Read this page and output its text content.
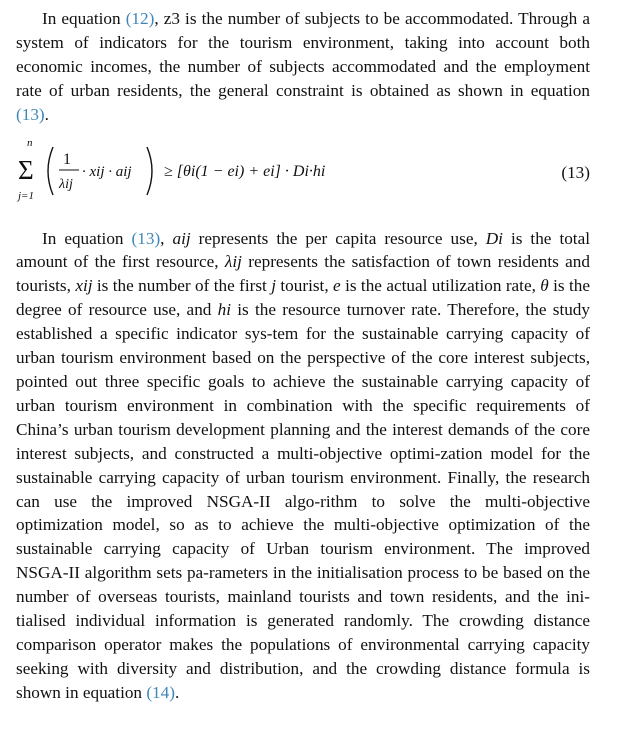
In equation (12), z3 is the number of subjects to be accommodated. Through a system of indicators for the tourism environment, taking into account both economic incomes, the number of subjects accommodated and the employment rate of urban residents, the general constraint is obtained as shown in equation (13).

n
Σ
j=1
1
λij
· xij · aij ≥ [θi(1 − ei) + ei] · Di·hi	(13)

In equation (13), aij represents the per capita resource use, Di is the total amount of the first resource, λij represents the satisfaction of town residents and tourists, xij is the number of the first j tourist, e is the actual utilization rate, θ is the degree of resource use, and hi is the resource turnover rate. Therefore, the study established a specific indicator sys-tem for the sustainable carrying capacity of urban tourism environment based on the perspective of the core interest subjects, pointed out three specific goals to achieve the sustainable carrying capacity of urban tourism environment in combination with the specific requirements of China’s urban tourism development planning and the interest demands of the core interest subjects, and constructed a multi-objective optimi-zation model for the sustainable carrying capacity of urban tourism environment. Finally, the research can use the improved NSGA-II algo-rithm to solve the multi-objective optimization model, so as to achieve the multi-objective optimization of the sustainable carrying capacity of Urban tourism environment. The improved NSGA-II algorithm sets pa-rameters in the initialisation process to be based on the number of overseas tourists, mainland tourists and town residents, and the ini-tialised individual information is generated randomly. The crowding distance comparison operator makes the populations of environmental carrying capacity seeking with diversity and distribution, and the crowding distance formula is shown in equation (14).
